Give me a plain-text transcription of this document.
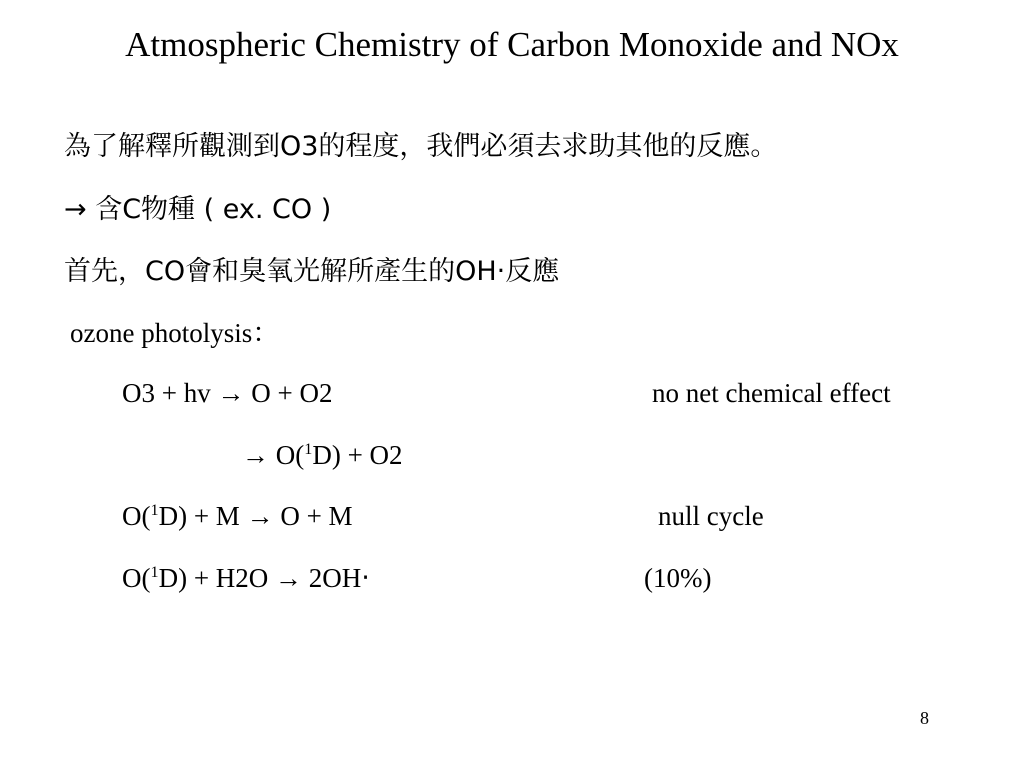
Atmospheric Chemistry of Carbon Monoxide and NOx
為了解釋所觀測到O3的程度，我們必須去求助其他的反應。
→ 含C物種 ( ex. CO )
首先，CO會和臭氧光解所產生的OH‧反應
ozone photolysis：
O3 + hv → O + O2	no net chemical effect
→ O($^1$D) + O2
O($^1$D) + M → O + M	null cycle
O($^1$D) + H2O → 2OH‧	(10%)
8
